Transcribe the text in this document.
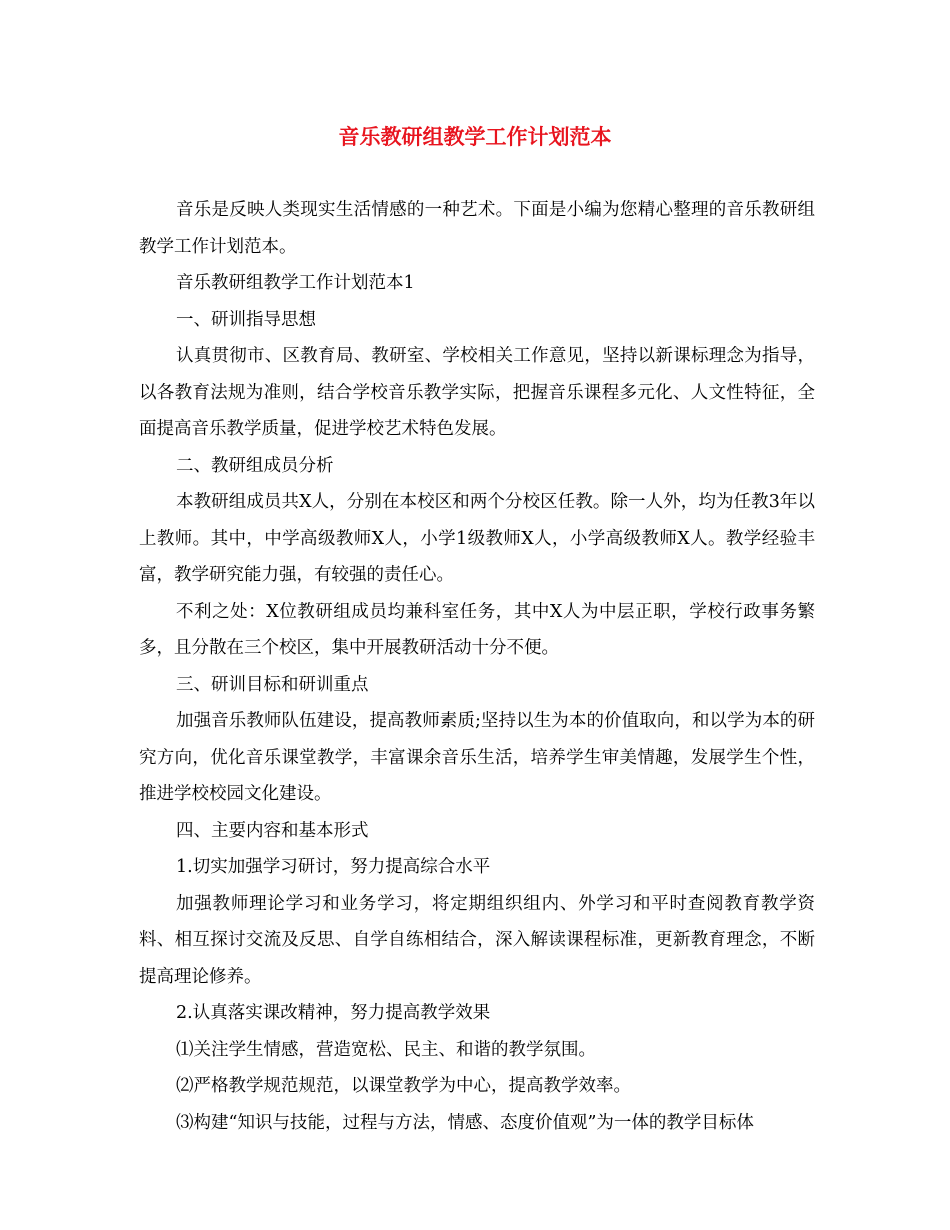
音乐教研组教学工作计划范本

音乐是反映人类现实生活情感的一种艺术。下面是小编为您精心整理的音乐教研组教学工作计划范本。

音乐教研组教学工作计划范本1

一、研训指导思想

认真贯彻市、区教育局、教研室、学校相关工作意见，坚持以新课标理念为指导，以各教育法规为准则，结合学校音乐教学实际，把握音乐课程多元化、人文性特征，全面提高音乐教学质量，促进学校艺术特色发展。

二、教研组成员分析

本教研组成员共X人，分别在本校区和两个分校区任教。除一人外，均为任教3年以上教师。其中，中学高级教师X人，小学1级教师X人，小学高级教师X人。教学经验丰富，教学研究能力强，有较强的责任心。

不利之处：X位教研组成员均兼科室任务，其中X人为中层正职，学校行政事务繁多，且分散在三个校区，集中开展教研活动十分不便。

三、研训目标和研训重点

加强音乐教师队伍建设，提高教师素质;坚持以生为本的价值取向，和以学为本的研究方向，优化音乐课堂教学，丰富课余音乐生活，培养学生审美情趣，发展学生个性，推进学校校园文化建设。

四、主要内容和基本形式

1.切实加强学习研讨，努力提高综合水平

加强教师理论学习和业务学习，将定期组织组内、外学习和平时查阅教育教学资料、相互探讨交流及反思、自学自练相结合，深入解读课程标准，更新教育理念，不断提高理论修养。

2.认真落实课改精神，努力提高教学效果

⑴关注学生情感，营造宽松、民主、和谐的教学氛围。

⑵严格教学规范规范，以课堂教学为中心，提高教学效率。

⑶构建“知识与技能，过程与方法，情感、态度价值观”为一体的教学目标体
